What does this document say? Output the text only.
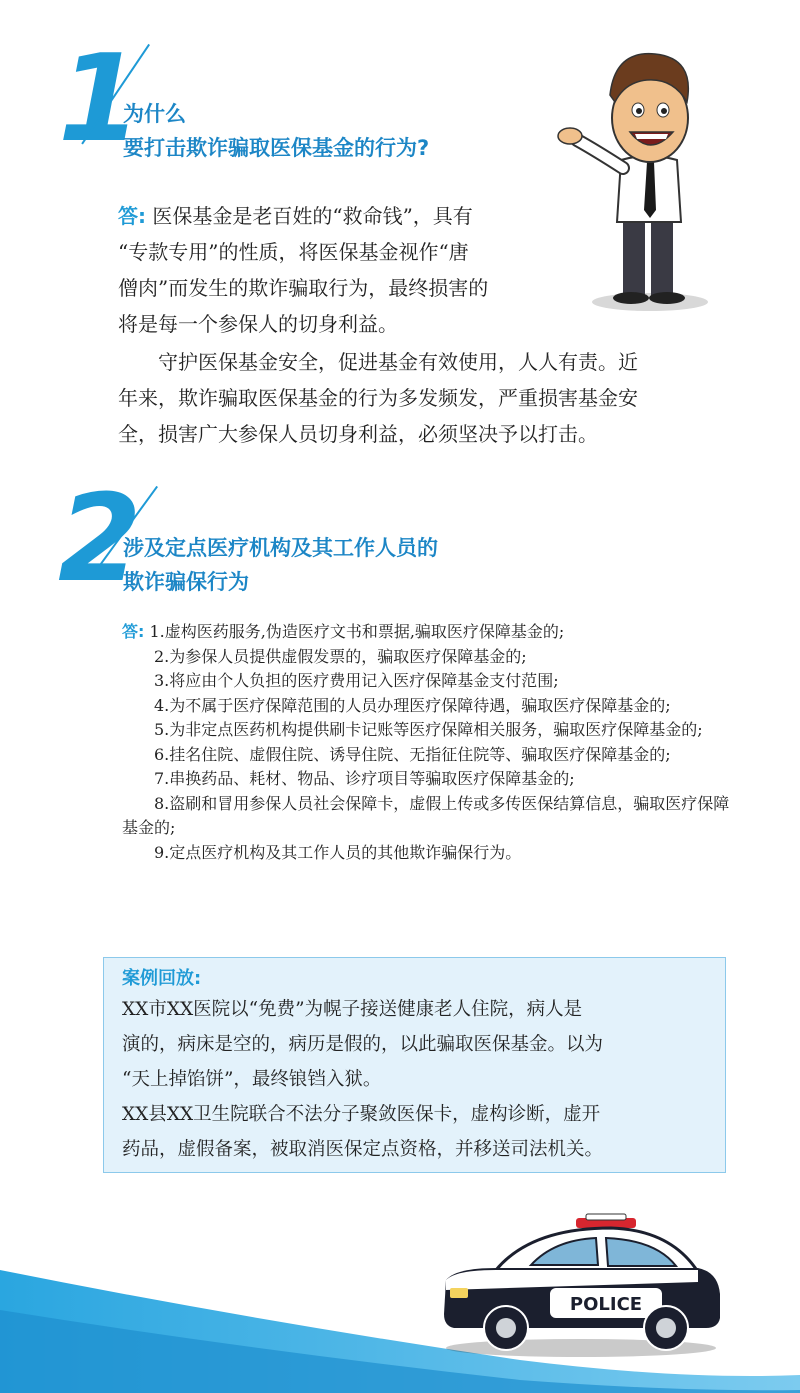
1
为什么
要打击欺诈骗取医保基金的行为?
答: 医保基金是老百姓的“救命钱”，具有
“专款专用”的性质，将医保基金视作“唐
僧肉”而发生的欺诈骗取行为，最终损害的
将是每一个参保人的切身利益。
守护医保基金安全，促进基金有效使用，人人有责。近
年来，欺诈骗取医保基金的行为多发频发，严重损害基金安
全，损害广大参保人员切身利益，必须坚决予以打击。
2
涉及定点医疗机构及其工作人员的
欺诈骗保行为
答: 1.虚构医药服务,伪造医疗文书和票据,骗取医疗保障基金的;
2.为参保人员提供虚假发票的，骗取医疗保障基金的;
3.将应由个人负担的医疗费用记入医疗保障基金支付范围;
4.为不属于医疗保障范围的人员办理医疗保障待遇，骗取医疗保障基金的;
5.为非定点医药机构提供刷卡记账等医疗保障相关服务，骗取医疗保障基金的;
6.挂名住院、虚假住院、诱导住院、无指征住院等、骗取医疗保障基金的;
7.串换药品、耗材、物品、诊疗项目等骗取医疗保障基金的;
8.盗刷和冒用参保人员社会保障卡，虚假上传或多传医保结算信息，骗取医疗保障基金的;
9.定点医疗机构及其工作人员的其他欺诈骗保行为。
案例回放:

XX市XX医院以“免费”为幌子接送健康老人住院，病人是
演的，病床是空的，病历是假的，以此骗取医保基金。以为
“天上掉馅饼”，最终锒铛入狱。

XX县XX卫生院联合不法分子聚敛医保卡，虚构诊断，虚开
药品，虚假备案，被取消医保定点资格，并移送司法机关。

POLICE
